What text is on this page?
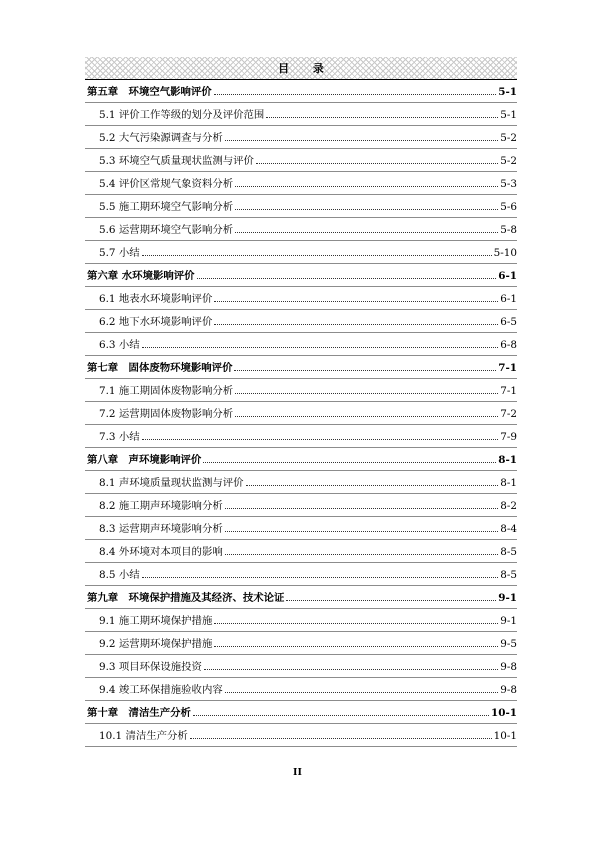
目 录
第五章　环境空气影响评价	5-1
5.1 评价工作等级的划分及评价范围	5-1
5.2 大气污染源调查与分析	5-2
5.3 环境空气质量现状监测与评价	5-2
5.4 评价区常规气象资料分析	5-3
5.5 施工期环境空气影响分析	5-6
5.6 运营期环境空气影响分析	5-8
5.7 小结	5-10
第六章 水环境影响评价	6-1
6.1 地表水环境影响评价	6-1
6.2 地下水环境影响评价	6-5
6.3 小结	6-8
第七章　固体废物环境影响评价	7-1
7.1 施工期固体废物影响分析	7-1
7.2 运营期固体废物影响分析	7-2
7.3 小结	7-9
第八章　声环境影响评价	8-1
8.1 声环境质量现状监测与评价	8-1
8.2 施工期声环境影响分析	8-2
8.3 运营期声环境影响分析	8-4
8.4 外环境对本项目的影响	8-5
8.5 小结	8-5
第九章　环境保护措施及其经济、技术论证	9-1
9.1 施工期环境保护措施	9-1
9.2 运营期环境保护措施	9-5
9.3 项目环保设施投资	9-8
9.4 竣工环保措施验收内容	9-8
第十章　清洁生产分析	10-1
10.1 清洁生产分析	10-1
II
